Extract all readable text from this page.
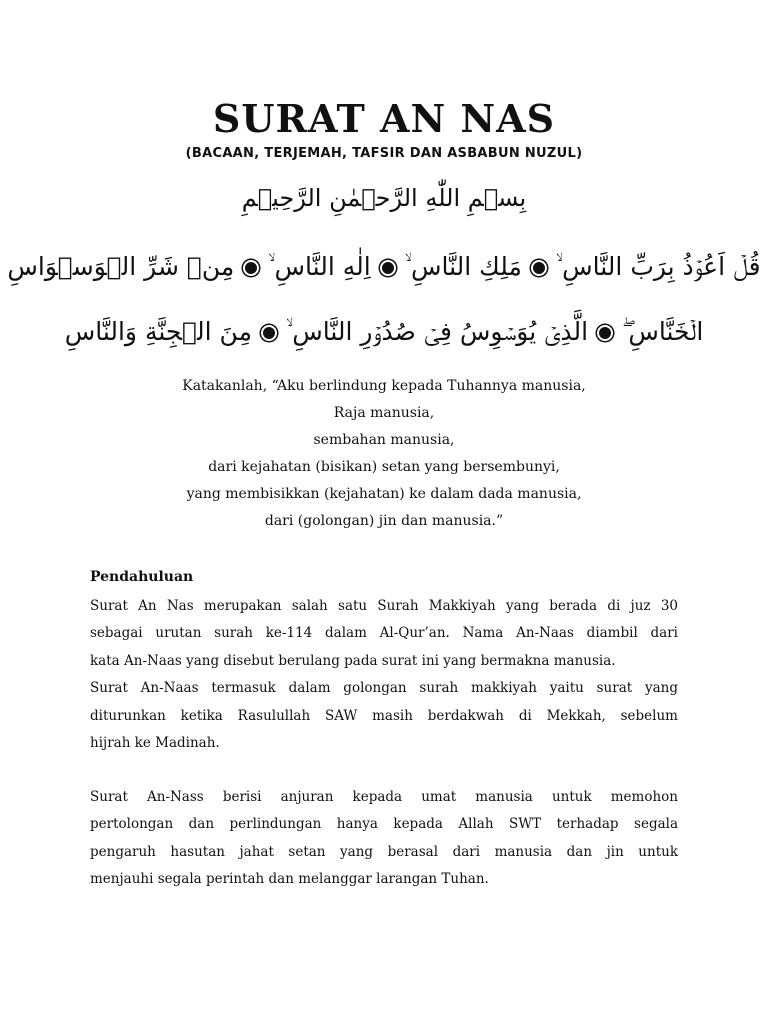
SURAT AN NAS
(BACAAN, TERJEMAH, TAFSIR DAN ASBABUN NUZUL)
بِسۡمِ اللّٰهِ الرَّحۡمٰنِ الرَّحِيۡمِ
قُلۡ اَعُوۡذُ بِرَبِّ النَّاسِ ۙمَلِكِ النَّاسِ ۙاِلٰهِ النَّاسِ ۙمِنۡ شَرِّ الۡوَسۡوَاسِ
الۡخَنَّاسِ ۖالَّذِىۡ يُوَسۡوِسُ فِىۡ صُدُوۡرِ النَّاسِ ۙمِنَ الۡجِنَّةِ وَالنَّاسِ
Katakanlah, “Aku berlindung kepada Tuhannya manusia,
Raja manusia,
sembahan manusia,
dari kejahatan (bisikan) setan yang bersembunyi,
yang membisikkan (kejahatan) ke dalam dada manusia,
dari (golongan) jin dan manusia.”
Pendahuluan
Surat An Nas merupakan salah satu Surah Makkiyah yang berada di juz 30
sebagai urutan surah ke-114 dalam Al-Qur’an. Nama An-Naas diambil dari
kata An-Naas yang disebut berulang pada surat ini yang bermakna manusia.
Surat An-Naas termasuk dalam golongan surah makkiyah yaitu surat yang
diturunkan ketika Rasulullah SAW masih berdakwah di Mekkah, sebelum
hijrah ke Madinah.
Surat An-Nass berisi anjuran kepada umat manusia untuk memohon
pertolongan dan perlindungan hanya kepada Allah SWT terhadap segala
pengaruh hasutan jahat setan yang berasal dari manusia dan jin untuk
menjauhi segala perintah dan melanggar larangan Tuhan.
